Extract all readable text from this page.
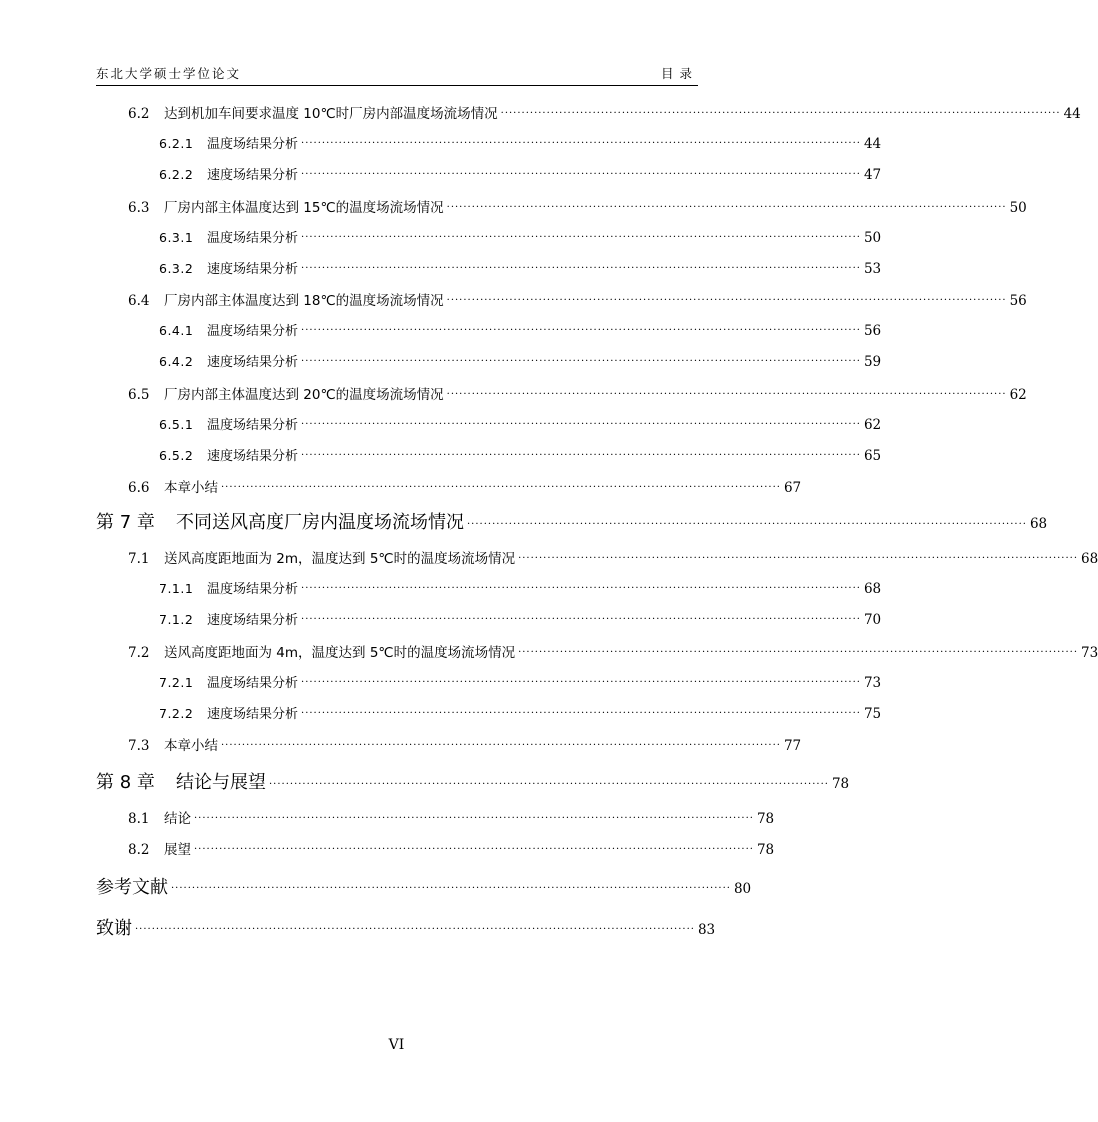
东北大学硕士学位论文	目录
6.2	达到机加车间要求温度 10℃时厂房内部温度场流场情况 ······································································································································ 44
6.2.1	温度场结果分析 ······································································································································ 44
6.2.2	速度场结果分析 ······································································································································ 47
6.3	厂房内部主体温度达到 15℃的温度场流场情况 ······································································································································ 50
6.3.1	温度场结果分析 ······································································································································ 50
6.3.2	速度场结果分析 ······································································································································ 53
6.4	厂房内部主体温度达到 18℃的温度场流场情况 ······································································································································ 56
6.4.1	温度场结果分析 ······································································································································ 56
6.4.2	速度场结果分析 ······································································································································ 59
6.5	厂房内部主体温度达到 20℃的温度场流场情况 ······································································································································ 62
6.5.1	温度场结果分析 ······································································································································ 62
6.5.2	速度场结果分析 ······································································································································ 65
6.6	本章小结 ······································································································································ 67
第 7 章	不同送风高度厂房内温度场流场情况 ······································································································································ 68
7.1	送风高度距地面为 2m，温度达到 5℃时的温度场流场情况 ······································································································································ 68
7.1.1	温度场结果分析 ······································································································································ 68
7.1.2	速度场结果分析 ······································································································································ 70
7.2	送风高度距地面为 4m，温度达到 5℃时的温度场流场情况 ······································································································································ 73
7.2.1	温度场结果分析 ······································································································································ 73
7.2.2	速度场结果分析 ······································································································································ 75
7.3	本章小结 ······································································································································ 77
第 8 章	结论与展望 ······································································································································ 78
8.1	结论 ······································································································································ 78
8.2	展望 ······································································································································ 78
参考文献 ······································································································································ 80
致谢 ······································································································································ 83
VI
